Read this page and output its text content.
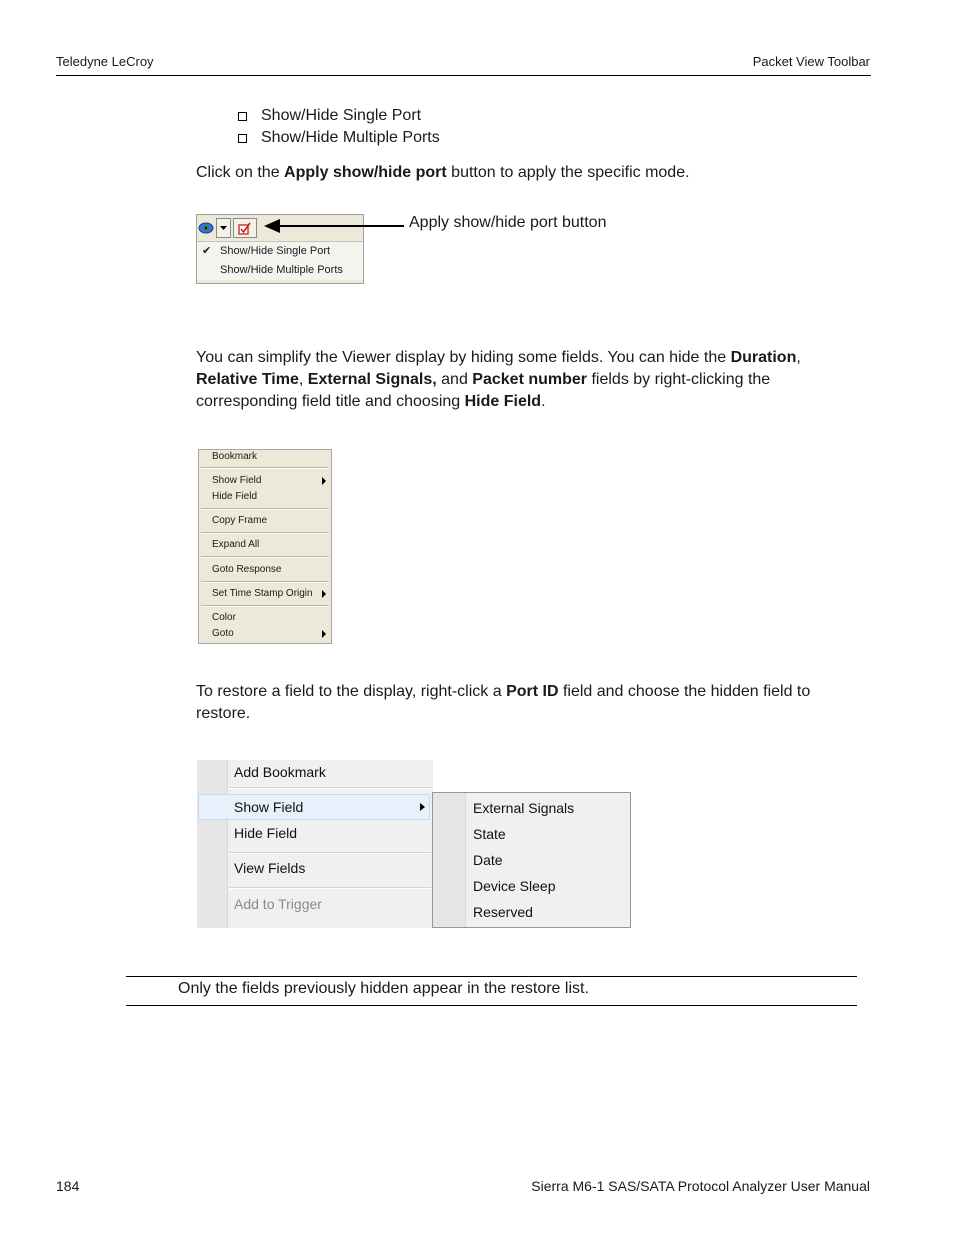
Teledyne LeCroy	Packet View Toolbar
Show/Hide Single Port
Show/Hide Multiple Ports
Click on the Apply show/hide port button to apply the specific mode.
✔ Show/Hide Single Port
Show/Hide Multiple Ports
Apply show/hide port button
You can simplify the Viewer display by hiding some fields. You can hide the Duration,
Relative Time, External Signals, and Packet number fields by right-clicking the
corresponding field title and choosing Hide Field.
Bookmark
Show Field
Hide Field
Copy Frame
Expand All
Goto Response
Set Time Stamp Origin
Color
Goto
To restore a field to the display, right-click a Port ID field and choose the hidden field to
restore.
Add Bookmark
Show Field
Hide Field
View Fields
Add to Trigger
External Signals
State
Date
Device Sleep
Reserved
Only the fields previously hidden appear in the restore list.
184	Sierra M6-1 SAS/SATA Protocol Analyzer User Manual
